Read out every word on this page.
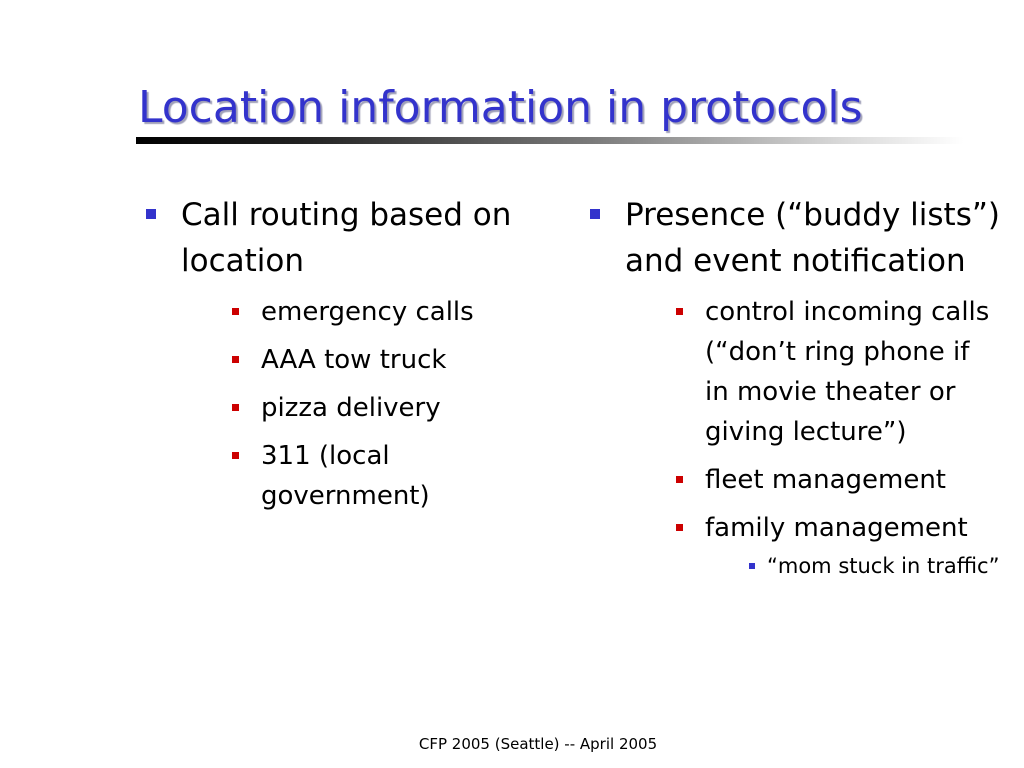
Location information in protocols
Call routing based on location
emergency calls
AAA tow truck
pizza delivery
311 (local government)
Presence (“buddy lists”) and event notification
control incoming calls (“don’t ring phone if in movie theater or giving lecture”)
fleet management
family management
“mom stuck in traffic”
CFP 2005 (Seattle) -- April 2005
